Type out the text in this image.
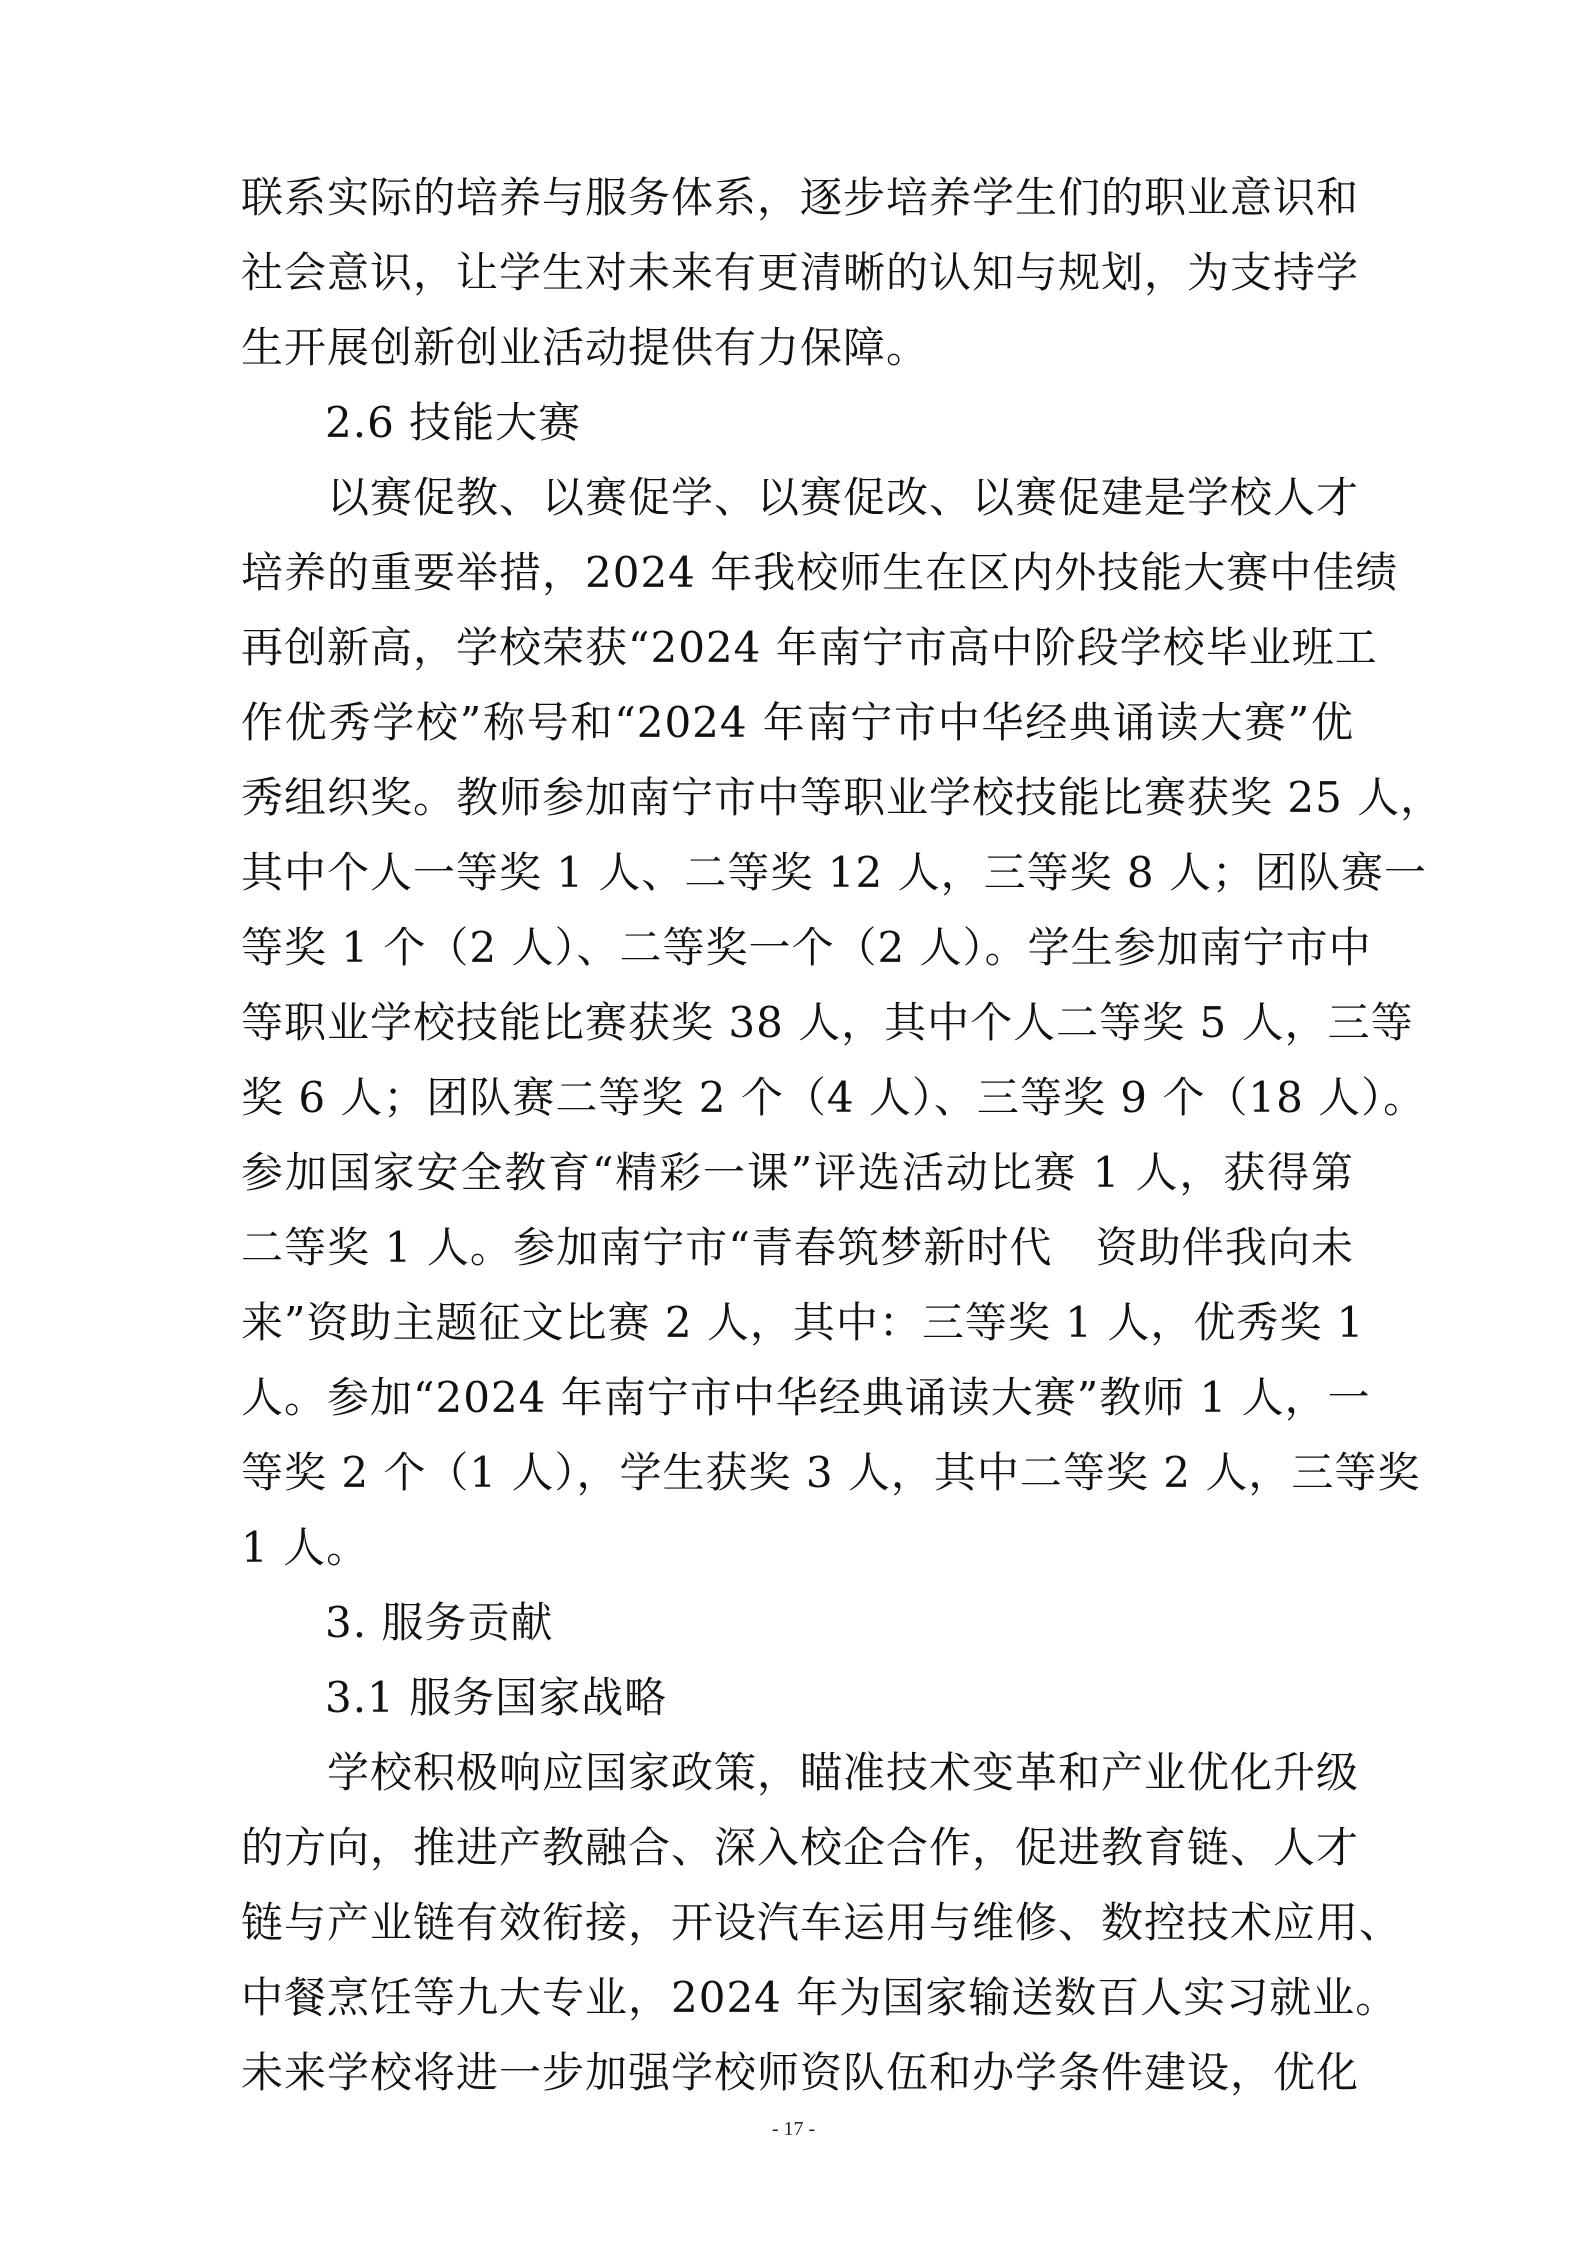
联系实际的培养与服务体系，逐步培养学生们的职业意识和
社会意识，让学生对未来有更清晰的认知与规划，为支持学
生开展创新创业活动提供有力保障。
2.6 技能大赛
　　以赛促教、以赛促学、以赛促改、以赛促建是学校人才
培养的重要举措，2024 年我校师生在区内外技能大赛中佳绩
再创新高，学校荣获“2024 年南宁市高中阶段学校毕业班工
作优秀学校”称号和“2024 年南宁市中华经典诵读大赛”优
秀组织奖。教师参加南宁市中等职业学校技能比赛获奖 25 人，
其中个人一等奖 1 人、二等奖 12 人，三等奖 8 人；团队赛一
等奖 1 个（2 人）、二等奖一个（2 人）。学生参加南宁市中
等职业学校技能比赛获奖 38 人，其中个人二等奖 5 人，三等
奖 6 人；团队赛二等奖 2 个（4 人）、三等奖 9 个（18 人）。
参加国家安全教育“精彩一课”评选活动比赛 1 人，获得第
二等奖 1 人。参加南宁市“青春筑梦新时代　资助伴我向未
来”资助主题征文比赛 2 人，其中：三等奖 1 人，优秀奖 1
人。参加“2024 年南宁市中华经典诵读大赛”教师 1 人，一
等奖 2 个（1 人），学生获奖 3 人，其中二等奖 2 人，三等奖
1 人。
3. 服务贡献
3.1 服务国家战略
　　学校积极响应国家政策，瞄准技术变革和产业优化升级
的方向，推进产教融合、深入校企合作，促进教育链、人才
链与产业链有效衔接，开设汽车运用与维修、数控技术应用、
中餐烹饪等九大专业，2024 年为国家输送数百人实习就业。
未来学校将进一步加强学校师资队伍和办学条件建设，优化
- 17 -
